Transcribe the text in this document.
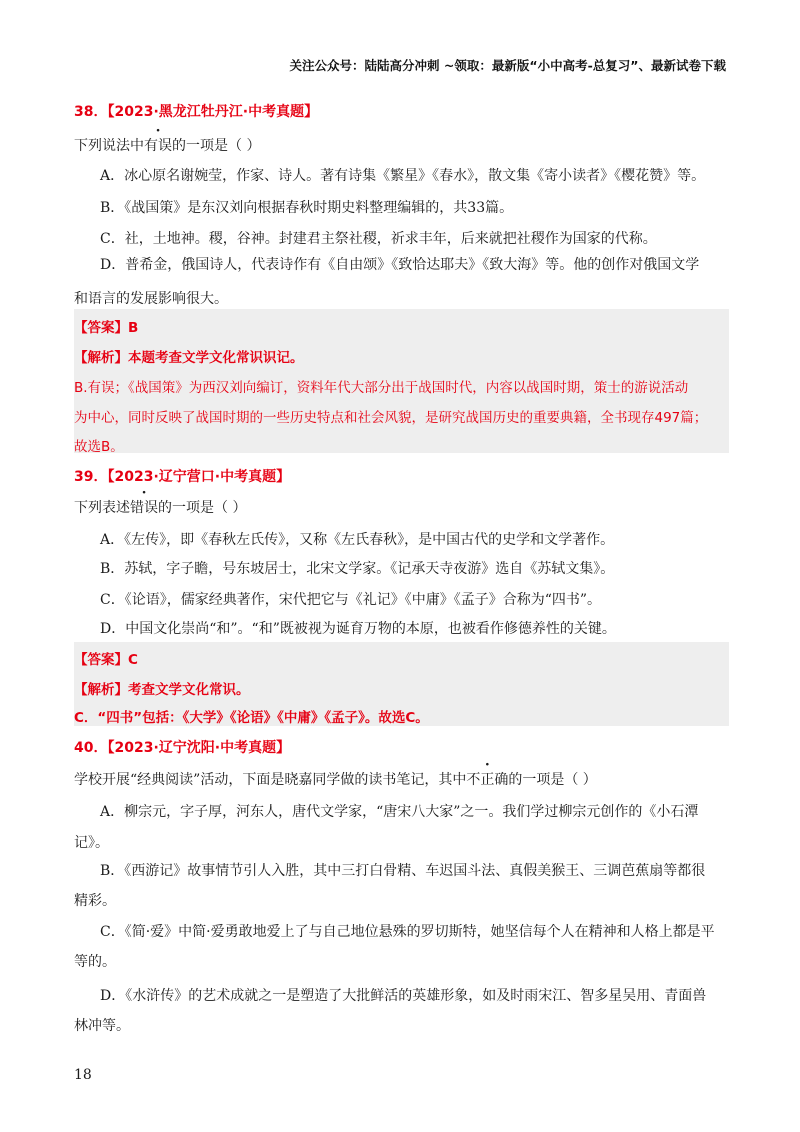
关注公众号：陆陆高分冲刺 ~领取：最新版“小中高考-总复习”、最新试卷下载
38．【2023·黑龙江牡丹江·中考真题】
下列说法中有误的一项是（ ）
A．冰心原名谢婉莹，作家、诗人。著有诗集《繁星》《春水》，散文集《寄小读者》《樱花赞》等。
B．《战国策》是东汉刘向根据春秋时期史料整理编辑的，共33篇。
C．社，土地神。稷，谷神。封建君主祭社稷，祈求丰年，后来就把社稷作为国家的代称。
D．普希金，俄国诗人，代表诗作有《自由颂》《致恰达耶夫》《致大海》等。他的创作对俄国文学
和语言的发展影响很大。
【答案】B
【解析】本题考查文学文化常识识记。
B.有误；《战国策》为西汉刘向编订，资料年代大部分出于战国时代，内容以战国时期，策士的游说活动
为中心，同时反映了战国时期的一些历史特点和社会风貌，是研究战国历史的重要典籍，全书现存497篇；
故选B。
39．【2023·辽宁营口·中考真题】
下列表述错误的一项是（ ）
A．《左传》，即《春秋左氏传》，又称《左氏春秋》，是中国古代的史学和文学著作。
B．苏轼，字子瞻，号东坡居士，北宋文学家。《记承天寺夜游》选自《苏轼文集》。
C．《论语》，儒家经典著作，宋代把它与《礼记》《中庸》《孟子》合称为“四书”。
D．中国文化崇尚“和”。“和”既被视为诞育万物的本原，也被看作修德养性的关键。
【答案】C
【解析】考查文学文化常识。
C．“四书”包括：《大学》《论语》《中庸》《孟子》。故选C。
40．【2023·辽宁沈阳·中考真题】
学校开展“经典阅读”活动，下面是晓嘉同学做的读书笔记，其中不正确的一项是（ ）
A．柳宗元，字子厚，河东人，唐代文学家，“唐宋八大家”之一。我们学过柳宗元创作的《小石潭
记》。
B．《西游记》故事情节引人入胜，其中三打白骨精、车迟国斗法、真假美猴王、三调芭蕉扇等都很
精彩。
C．《简·爱》中简·爱勇敢地爱上了与自己地位悬殊的罗切斯特，她坚信每个人在精神和人格上都是平
等的。
D．《水浒传》的艺术成就之一是塑造了大批鲜活的英雄形象，如及时雨宋江、智多星吴用、青面兽
林冲等。
18
